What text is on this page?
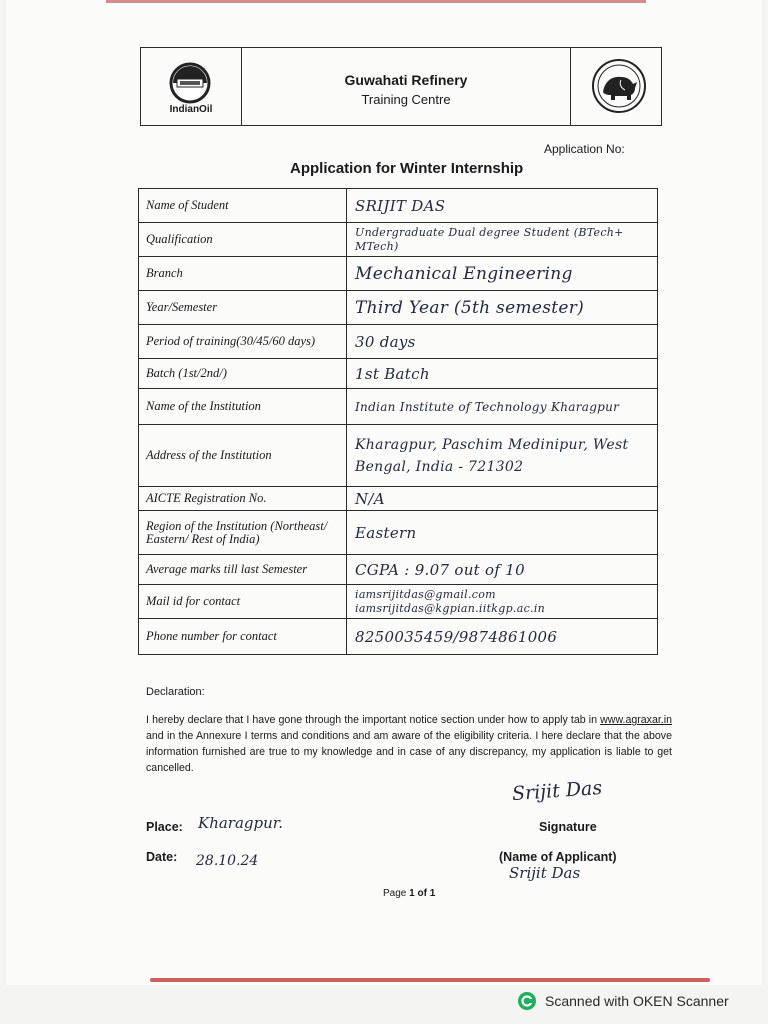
IndianOil
Guwahati Refinery
Training Centre
Application No:
Application for Winter Internship
Name of Student	SRIJIT DAS
Qualification	Undergraduate Dual degree Student (BTech+ MTech)
Branch	Mechanical Engineering
Year/Semester	Third Year (5th semester)
Period of training(30/45/60 days)	30 days
Batch (1st/2nd/)	1st Batch
Name of the Institution	Indian Institute of Technology Kharagpur
Address of the Institution	Kharagpur, Paschim Medinipur, West Bengal, India - 721302
AICTE Registration No.	N/A
Region of the Institution (Northeast/ Eastern/ Rest of India)	Eastern
Average marks till last Semester	CGPA : 9.07 out of 10
Mail id for contact	iamsrijitdas@gmail.com
iamsrijitdas@kgpian.iitkgp.ac.in

Phone number for contact	8250035459/9874861006
Declaration:
I hereby declare that I have gone through the important notice section under how to apply tab in www.agraxar.in and in the Annexure I terms and conditions and am aware of the eligibility criteria. I here declare that the above information furnished are true to my knowledge and in case of any discrepancy, my application is liable to get cancelled.
Srijit Das
Signature
(Name of Applicant)
Srijit Das
Place: Kharagpur.
Date: 28.10.24
Page 1 of 1
Scanned with OKEN Scanner
